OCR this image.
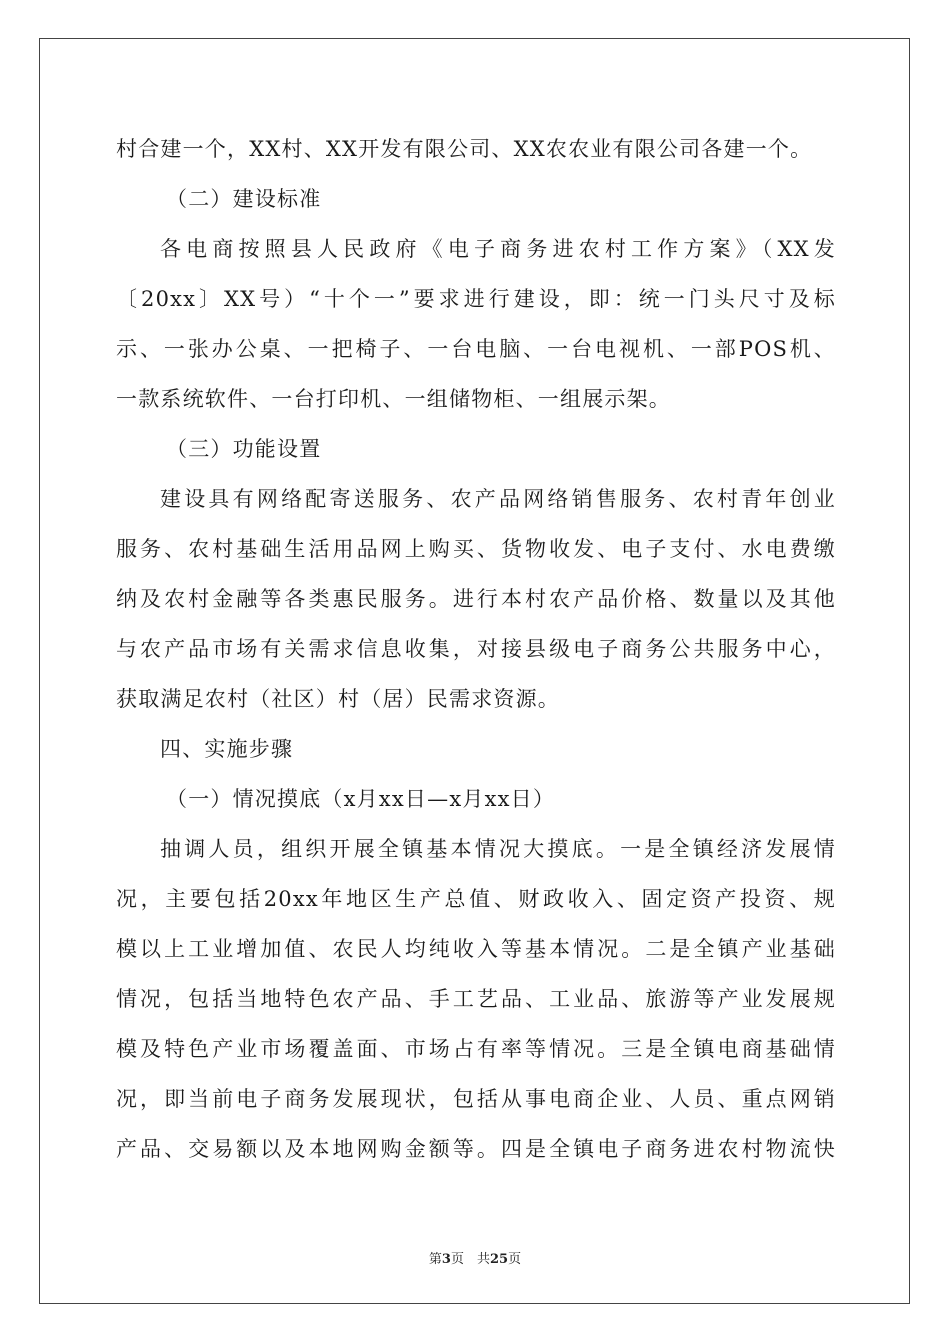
村合建一个，XX村、XX开发有限公司、XX农农业有限公司各建一个。
（二）建设标准
各电商按照县人民政府《电子商务进农村工作方案》（XX发
〔20xx〕XX号）“十个一”要求进行建设，即：统一门头尺寸及标
示、一张办公桌、一把椅子、一台电脑、一台电视机、一部POS机、
一款系统软件、一台打印机、一组储物柜、一组展示架。
（三）功能设置
建设具有网络配寄送服务、农产品网络销售服务、农村青年创业
服务、农村基础生活用品网上购买、货物收发、电子支付、水电费缴
纳及农村金融等各类惠民服务。进行本村农产品价格、数量以及其他
与农产品市场有关需求信息收集，对接县级电子商务公共服务中心，
获取满足农村（社区）村（居）民需求资源。
四、实施步骤
（一）情况摸底（x月xx日—x月xx日）
抽调人员，组织开展全镇基本情况大摸底。一是全镇经济发展情
况，主要包括20xx年地区生产总值、财政收入、固定资产投资、规
模以上工业增加值、农民人均纯收入等基本情况。二是全镇产业基础
情况，包括当地特色农产品、手工艺品、工业品、旅游等产业发展规
模及特色产业市场覆盖面、市场占有率等情况。三是全镇电商基础情
况，即当前电子商务发展现状，包括从事电商企业、人员、重点网销
产品、交易额以及本地网购金额等。四是全镇电子商务进农村物流快
第3页　共25页
